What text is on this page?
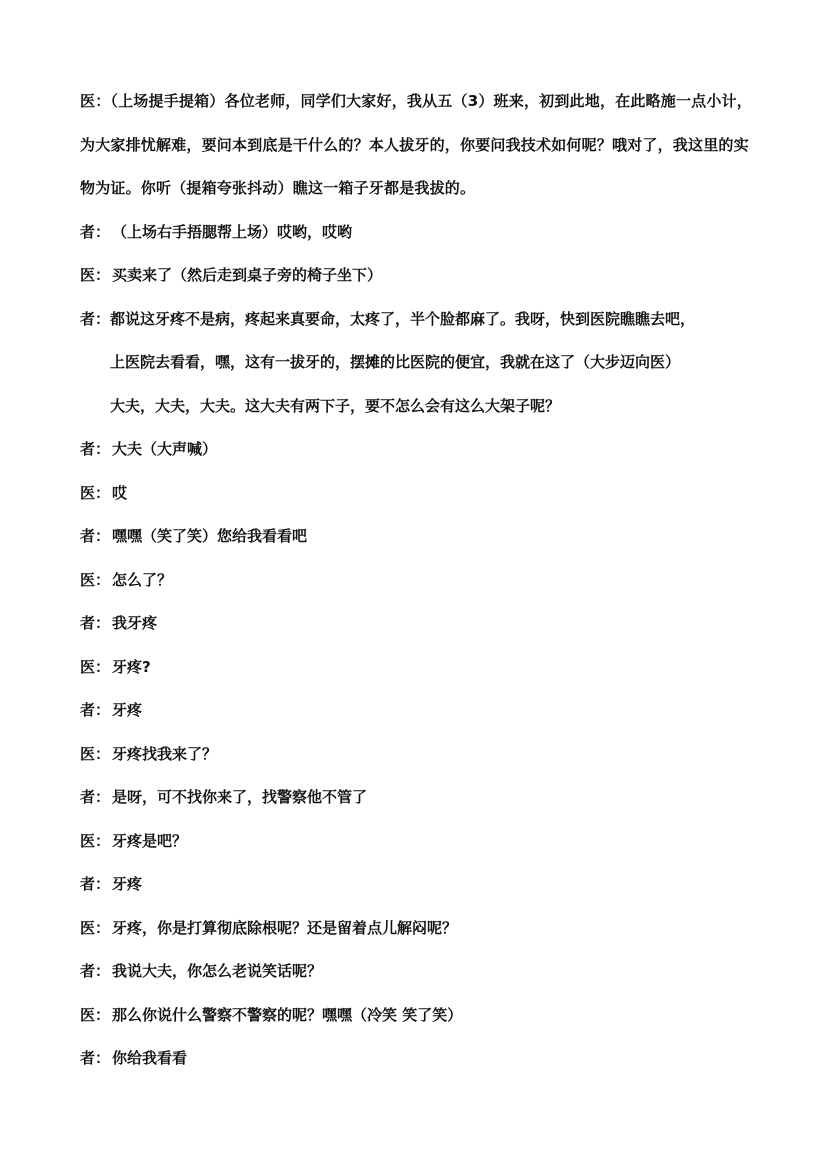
医：（上场提手提箱）各位老师，同学们大家好，我从五（3）班来，初到此地，在此略施一点小计，为大家排忧解难，要问本到底是干什么的？本人拔牙的，你要问我技术如何呢？哦对了，我这里的实物为证。你听（提箱夸张抖动）瞧这一箱子牙都是我拔的。

者： （上场右手捂腮帮上场）哎哟，哎哟
医： 买卖来了（然后走到桌子旁的椅子坐下）
者： 都说这牙疼不是病，疼起来真要命，太疼了，半个脸都麻了。我呀，快到医院瞧瞧去吧，
上医院去看看，嘿，这有一拔牙的，摆摊的比医院的便宜，我就在这了（大步迈向医）
大夫，大夫，大夫。这大夫有两下子，要不怎么会有这么大架子呢？
者： 大夫（大声喊）
医： 哎
者： 嘿嘿（笑了笑）您给我看看吧
医： 怎么了？
者： 我牙疼
医： 牙疼?
者： 牙疼
医： 牙疼找我来了？
者： 是呀，可不找你来了，找警察他不管了
医： 牙疼是吧？
者： 牙疼
医： 牙疼，你是打算彻底除根呢？还是留着点儿解闷呢？
者： 我说大夫，你怎么老说笑话呢？
医： 那么你说什么警察不警察的呢？嘿嘿（冷笑 笑了笑）
者： 你给我看看
